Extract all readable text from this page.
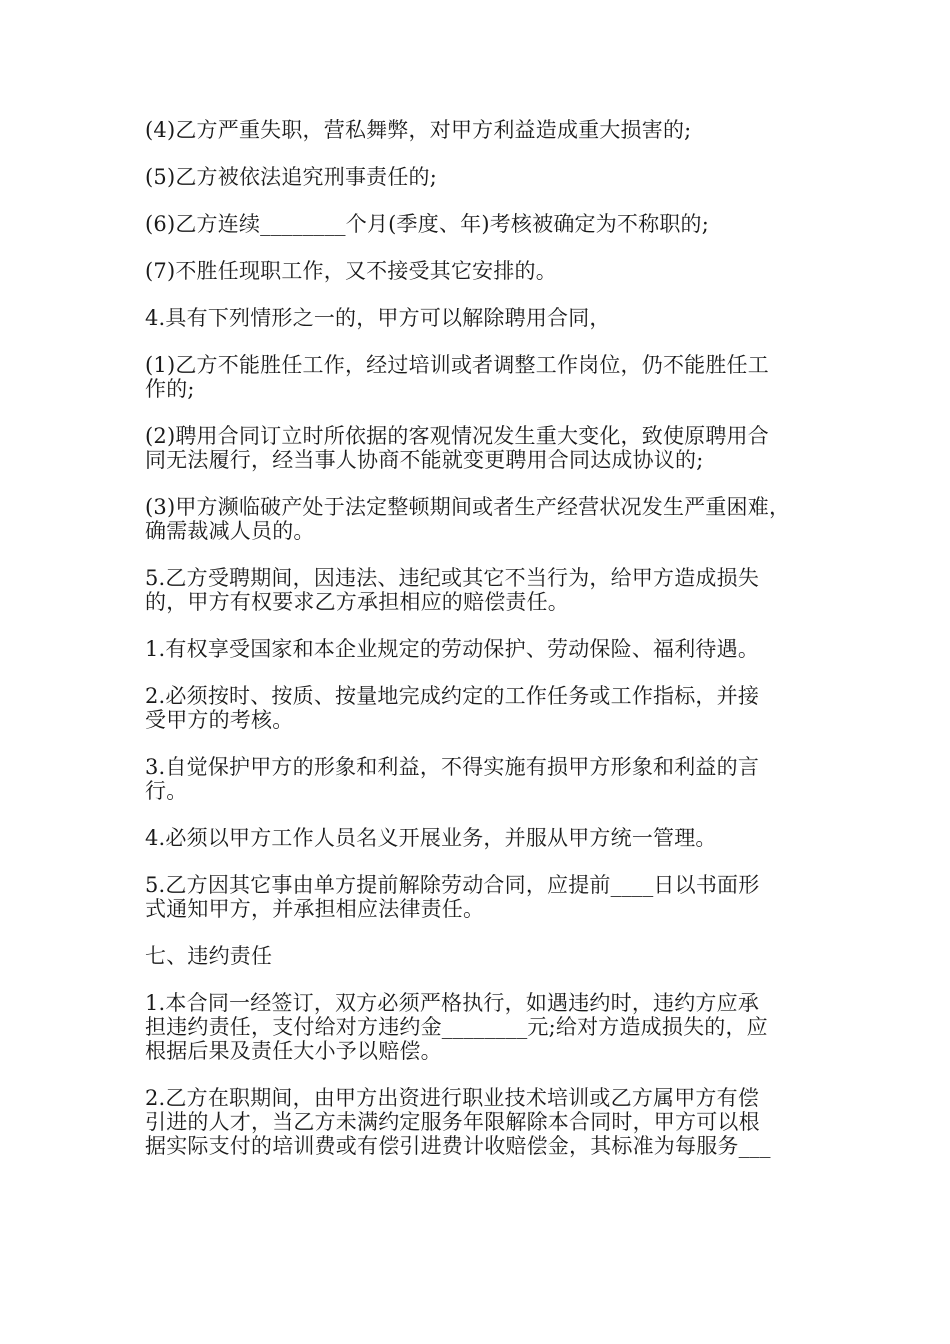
(4)乙方严重失职，营私舞弊，对甲方利益造成重大损害的;

(5)乙方被依法追究刑事责任的;

(6)乙方连续________个月(季度、年)考核被确定为不称职的;

(7)不胜任现职工作，又不接受其它安排的。

4.具有下列情形之一的，甲方可以解除聘用合同，

(1)乙方不能胜任工作，经过培训或者调整工作岗位，仍不能胜任工
作的;

(2)聘用合同订立时所依据的客观情况发生重大变化，致使原聘用合
同无法履行，经当事人协商不能就变更聘用合同达成协议的;

(3)甲方濒临破产处于法定整顿期间或者生产经营状况发生严重困难，
确需裁减人员的。

5.乙方受聘期间，因违法、违纪或其它不当行为，给甲方造成损失
的，甲方有权要求乙方承担相应的赔偿责任。

1.有权享受国家和本企业规定的劳动保护、劳动保险、福利待遇。

2.必须按时、按质、按量地完成约定的工作任务或工作指标，并接
受甲方的考核。

3.自觉保护甲方的形象和利益，不得实施有损甲方形象和利益的言
行。

4.必须以甲方工作人员名义开展业务，并服从甲方统一管理。

5.乙方因其它事由单方提前解除劳动合同，应提前____日以书面形
式通知甲方，并承担相应法律责任。

七、违约责任

1.本合同一经签订，双方必须严格执行，如遇违约时，违约方应承
担违约责任，支付给对方违约金________元;给对方造成损失的，应
根据后果及责任大小予以赔偿。

2.乙方在职期间，由甲方出资进行职业技术培训或乙方属甲方有偿
引进的人才，当乙方未满约定服务年限解除本合同时，甲方可以根
据实际支付的培训费或有偿引进费计收赔偿金，其标准为每服务___
